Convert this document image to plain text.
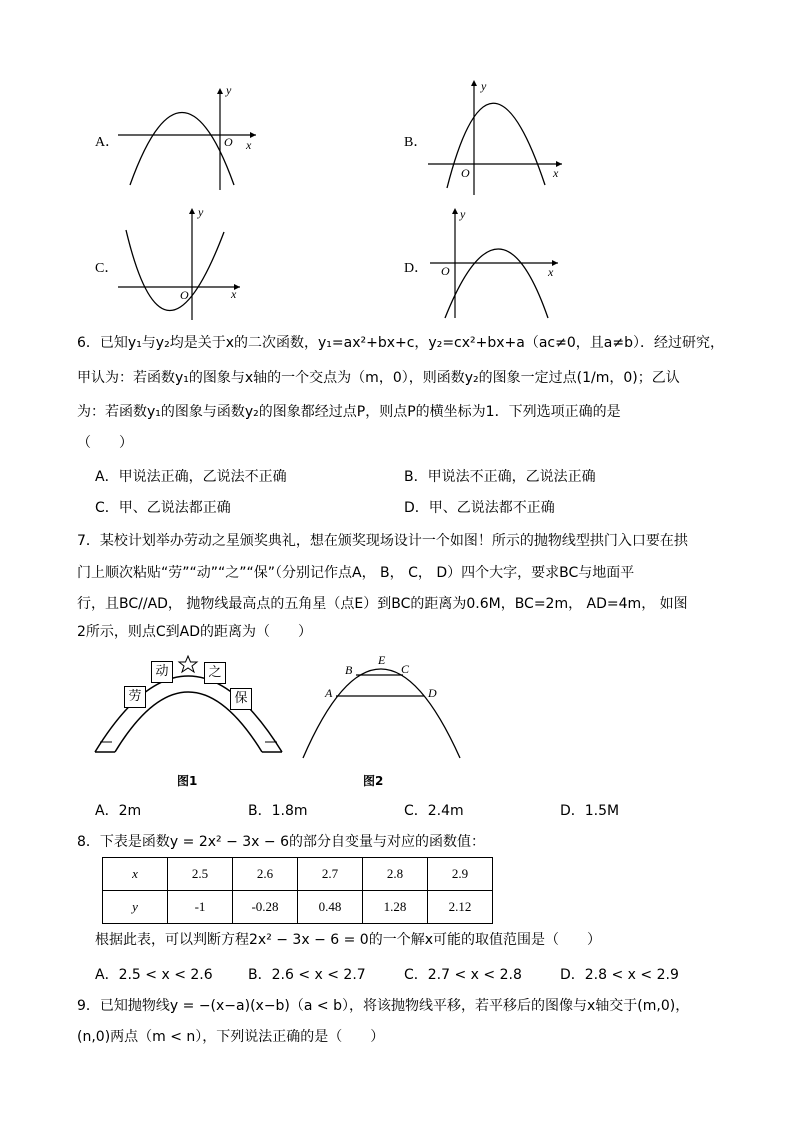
A．
y
x
O
y
x
O
y
x
O
y
x
O
B．
C．	D．
6．已知y₁与y₂均是关于x的二次函数，y₁=ax²+bx+c，y₂=cx²+bx+a（ac≠0，且a≠b）．经过研究，
甲认为：若函数y₁的图象与x轴的一个交点为（m，0），则函数y₂的图象一定过点(1/m，0)；乙认
为：若函数y₁的图象与函数y₂的图象都经过点P，则点P的横坐标为1．下列选项正确的是
（　　）
A．甲说法正确，乙说法不正确	B．甲说法不正确，乙说法正确
C．甲、乙说法都正确	D．甲、乙说法都不正确
7．某校计划举办劳动之星颁奖典礼，想在颁奖现场设计一个如图！所示的抛物线型拱门入口要在拱
门上顺次粘贴“劳”“动”“之”“保”（分别记作点A， B， C， D）四个大字，要求BC与地面平
行，且BC//AD， 抛物线最高点的五角星（点E）到BC的距离为0.6M，BC=2m， AD=4m， 如图
2所示，则点C到AD的距离为（　　）
劳
动	之
保
图1
B
E
C
A	D
图2
A．2m	B．1.8m	C．2.4m	D．1.5M
8．下表是函数y = 2x² − 3x − 6的部分自变量与对应的函数值：
x	2.5	2.6	2.7	2.8	2.9
y	-1	-0.28	0.48	1.28	2.12
根据此表，可以判断方程2x² − 3x − 6 = 0的一个解x可能的取值范围是（　　）
A．2.5 < x < 2.6	B．2.6 < x < 2.7	C．2.7 < x < 2.8	D．2.8 < x < 2.9
9．已知抛物线y = −(x−a)(x−b)（a < b），将该抛物线平移，若平移后的图像与x轴交于(m,0)，
(n,0)两点（m < n），下列说法正确的是（　　）
